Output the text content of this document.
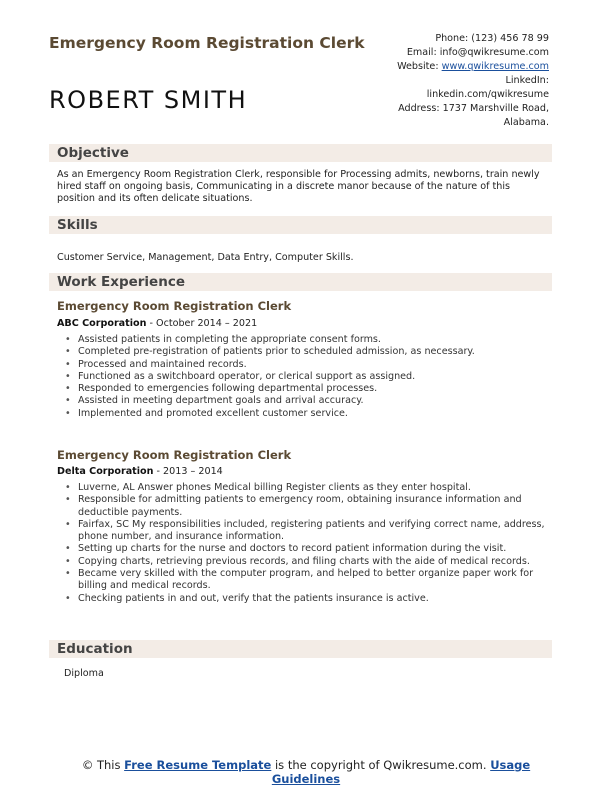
Emergency Room Registration Clerk
ROBERT SMITH
Phone: (123) 456 78 99
Email: info@qwikresume.com
Website: www.qwikresume.com
LinkedIn:
linkedin.com/qwikresume
Address: 1737 Marshville Road,
Alabama.
Objective
As an Emergency Room Registration Clerk, responsible for Processing admits, newborns, train newly hired staff on ongoing basis, Communicating in a discrete manor because of the nature of this position and its often delicate situations.
Skills
Customer Service, Management, Data Entry, Computer Skills.
Work Experience
Emergency Room Registration Clerk
ABC Corporation - October 2014 – 2021
• Assisted patients in completing the appropriate consent forms.
• Completed pre-registration of patients prior to scheduled admission, as necessary.
• Processed and maintained records.
• Functioned as a switchboard operator, or clerical support as assigned.
• Responded to emergencies following departmental processes.
• Assisted in meeting department goals and arrival accuracy.
• Implemented and promoted excellent customer service.
Emergency Room Registration Clerk
Delta Corporation - 2013 – 2014
• Luverne, AL Answer phones Medical billing Register clients as they enter hospital.
• Responsible for admitting patients to emergency room, obtaining insurance information and deductible payments.
• Fairfax, SC My responsibilities included, registering patients and verifying correct name, address, phone number, and insurance information.
• Setting up charts for the nurse and doctors to record patient information during the visit.
• Copying charts, retrieving previous records, and filing charts with the aide of medical records.
• Became very skilled with the computer program, and helped to better organize paper work for billing and medical records.
• Checking patients in and out, verify that the patients insurance is active.
Education
Diploma
© This Free Resume Template is the copyright of Qwikresume.com. Usage Guidelines
